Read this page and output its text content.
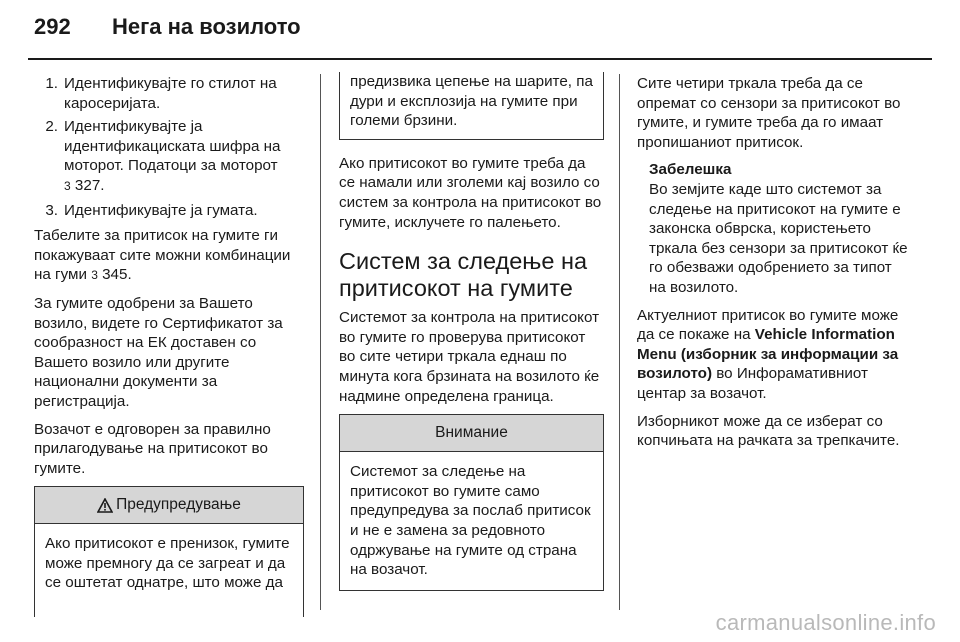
292 Нега на возилото
1. Идентификувајте го стилот на каросеријата.
2. Идентификувајте ја идентификациската шифра на моторот. Податоци за моторот
3 327.
3. Идентификувајте ја гумата.

Табелите за притисок на гумите ги покажуваат сите можни комбинации на гуми 3 345.

За гумите одобрени за Вашето возило, видете го Сертификатот за сообразност на ЕК доставен со Вашето возило или другите национални документи за регистрација.

Возачот е одговорен за правилно прилагодување на притисокот во гумите.

Предупредување
Ако притисокот е пренизок, гумите може премногу да се загреат и да се оштетат однатре, што може да
предизвика цепење на шарите, па дури и експлозија на гумите при големи брзини.

Ако притисокот во гумите треба да се намали или зголеми кај возило со систем за контрола на притисокот во гумите, исклучете го палењето.

Систем за следење на притисокот на гумите

Системот за контрола на притисокот во гумите го проверува притисокот во сите четири тркала еднаш по минута кога брзината на возилото ќе надмине определена граница.

Внимание
Системот за следење на притисокот во гумите само предупредува за послаб притисок и не е замена за редовното одржување на гумите од страна на возачот.

Сите четири тркала треба да се опремат со сензори за притисокот во гумите, и гумите треба да го имаат пропишаниот притисок.

Забелешка
Во земјите каде што системот за следење на притисокот на гумите е законска обврска, користењето тркала без сензори за притисокот ќе го обезважи одобрението за типот на возилото.

Актуелниот притисок во гумите може да се покаже на Vehicle Information Menu (изборник за информации за возилото) во Инфорамативниот центар за возачот.

Изборникот може да се изберат со копчињата на рачката за трепкачите.

carmanualsonline.info
